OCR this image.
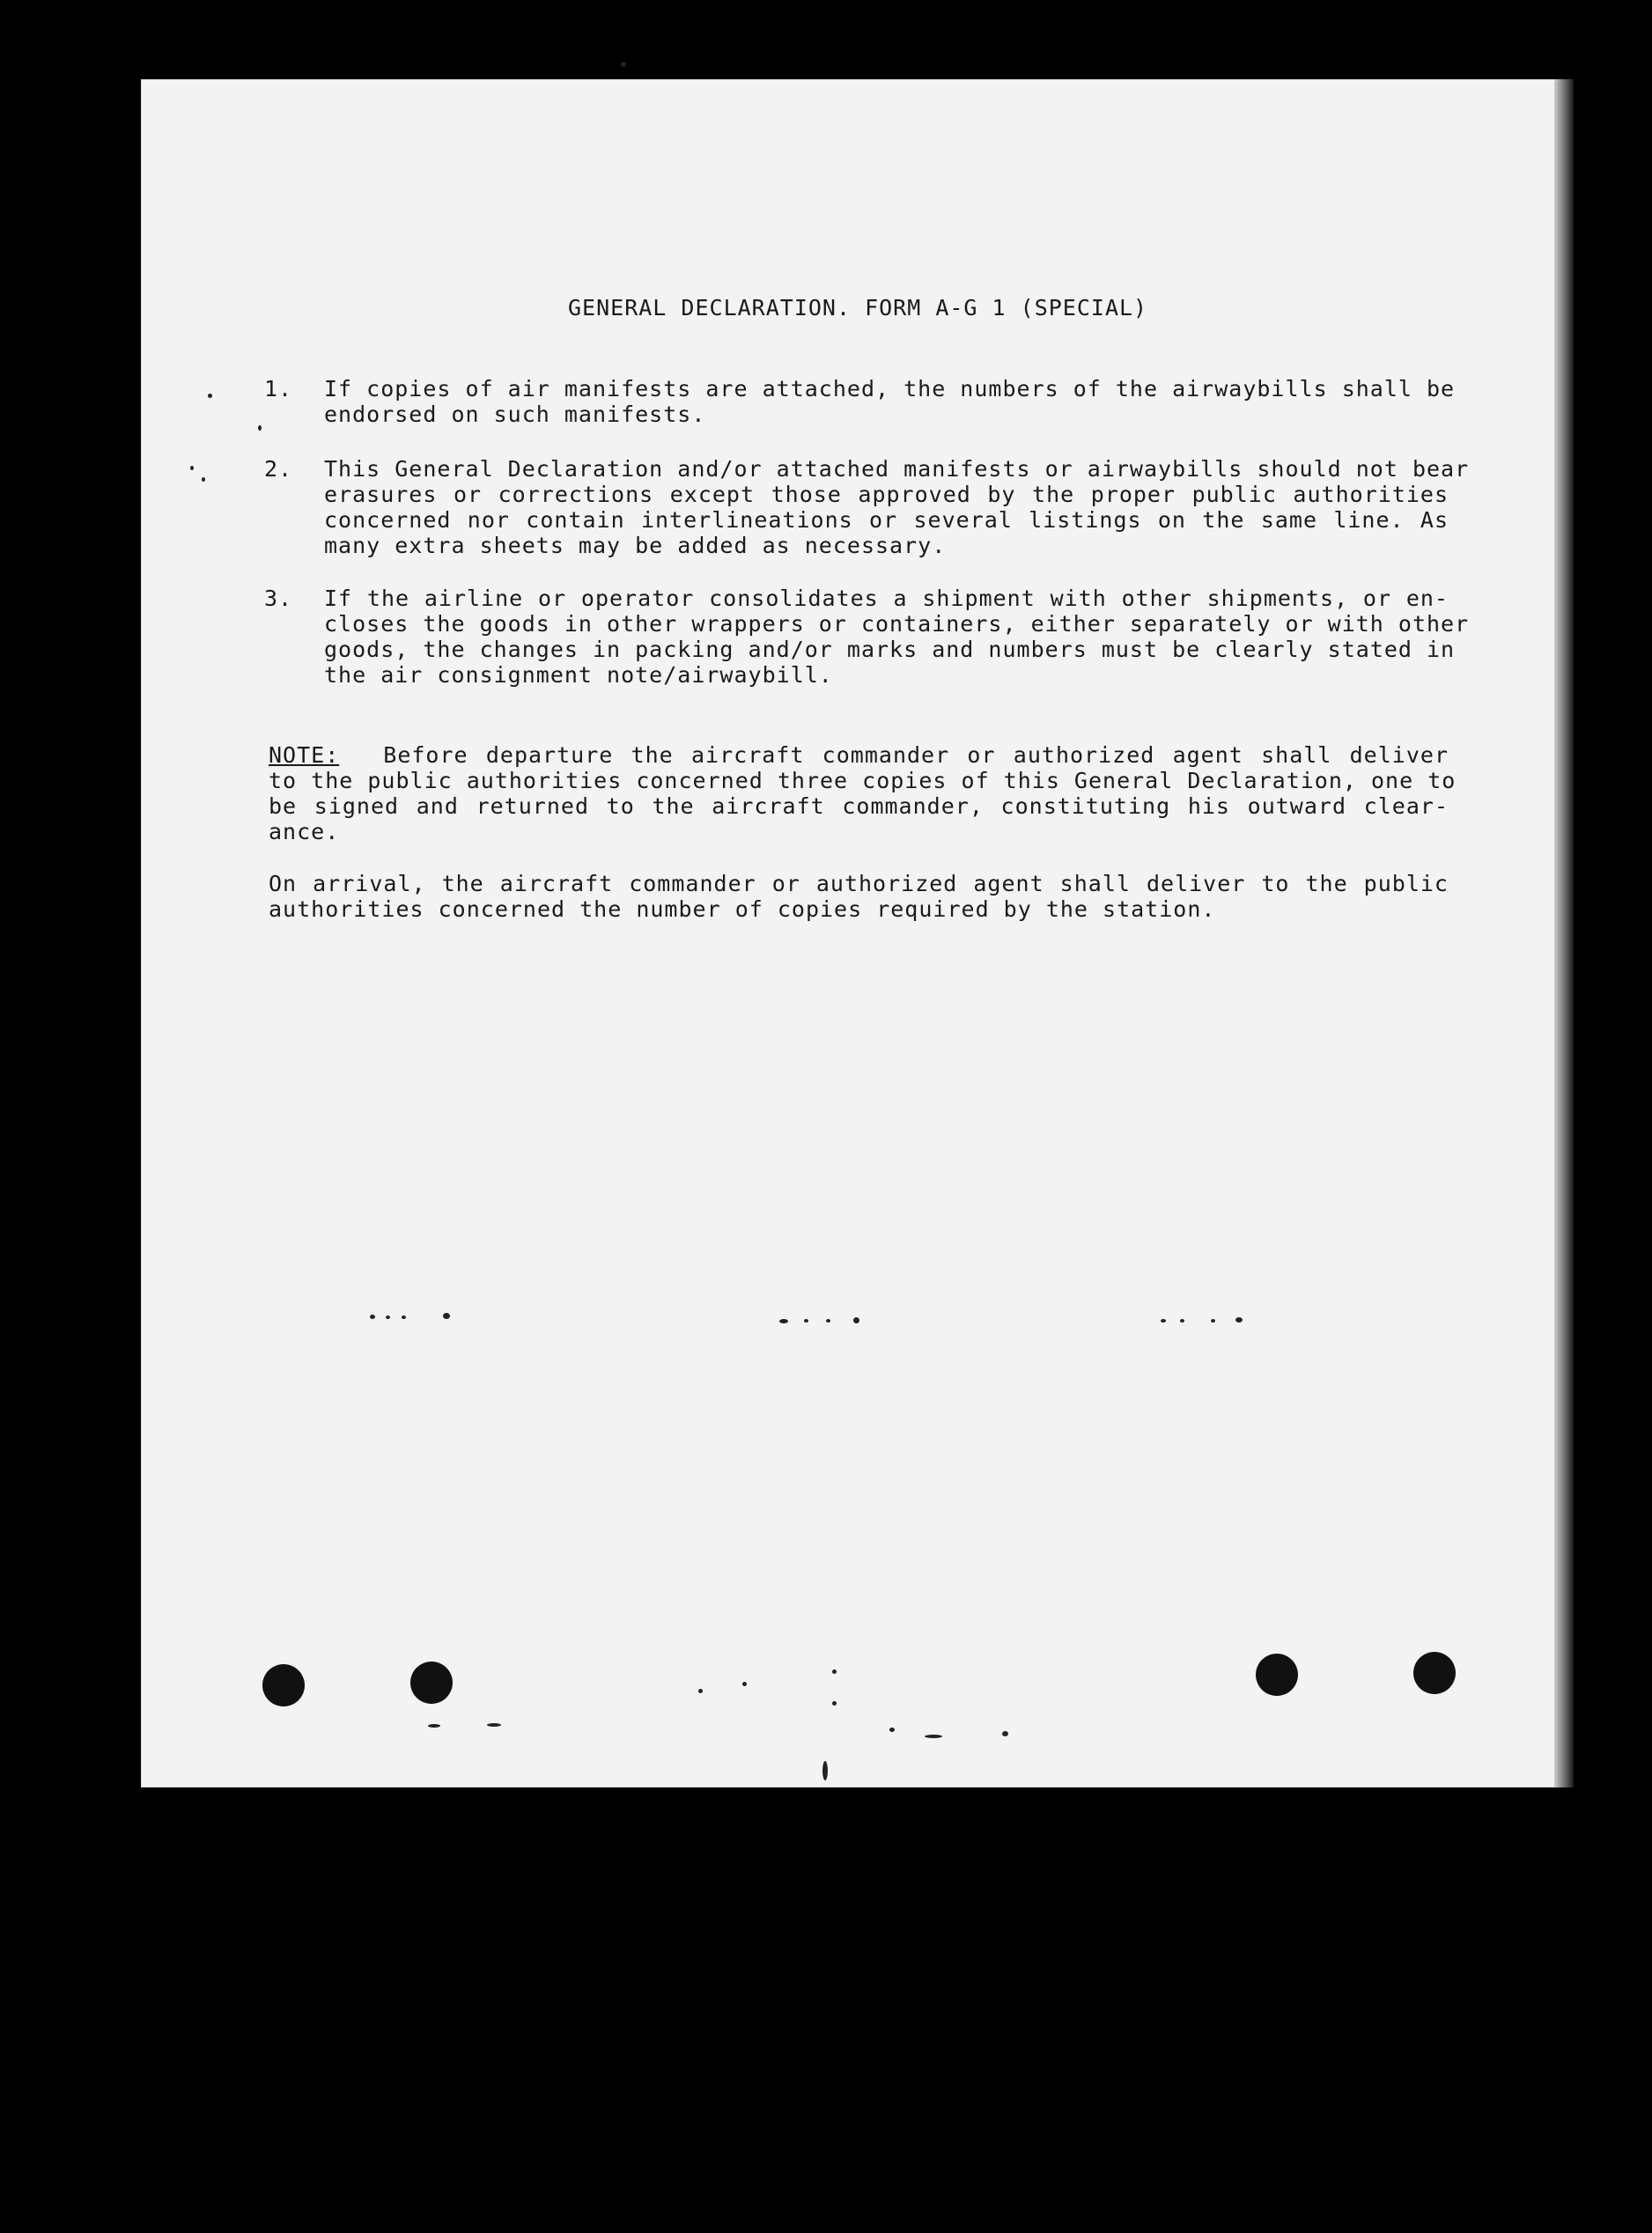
GENERAL DECLARATION. FORM A-G 1 (SPECIAL)
1.	If copies of air manifests are attached, the numbers of the airwaybills shall be
endorsed on such manifests.
2.	This General Declaration and/or attached manifests or airwaybills should not bear
erasures or corrections except those approved by the proper public authorities
concerned nor contain interlineations or several listings on the same line. As
many extra sheets may be added as necessary.
3.	If the airline or operator consolidates a shipment with other shipments, or en-
closes the goods in other wrappers or containers, either separately or with other
goods, the changes in packing and/or marks and numbers must be clearly stated in
the air consignment note/airwaybill.
NOTE: Before departure the aircraft commander or authorized agent shall deliver
to the public authorities concerned three copies of this General Declaration, one to
be signed and returned to the aircraft commander, constituting his outward clear-
ance.
On arrival, the aircraft commander or authorized agent shall deliver to the public
authorities concerned the number of copies required by the station.
